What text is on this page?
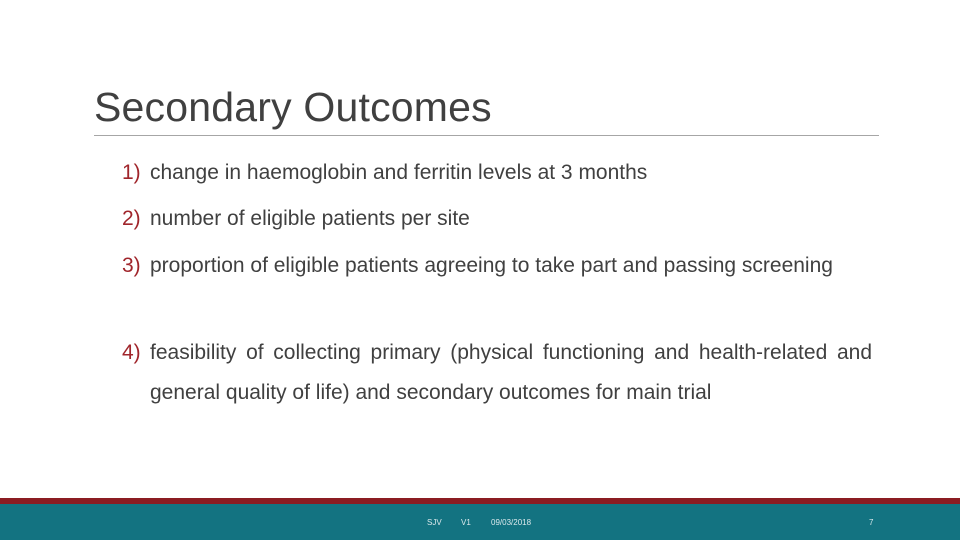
Secondary Outcomes
1) change in haemoglobin and ferritin levels at 3 months
2) number of eligible patients per site
3) proportion of eligible patients agreeing to take part and passing screening
4) feasibility of collecting primary (physical functioning and health-related and general quality of life) and secondary outcomes for main trial
SJV V1	09/03/2018	7
